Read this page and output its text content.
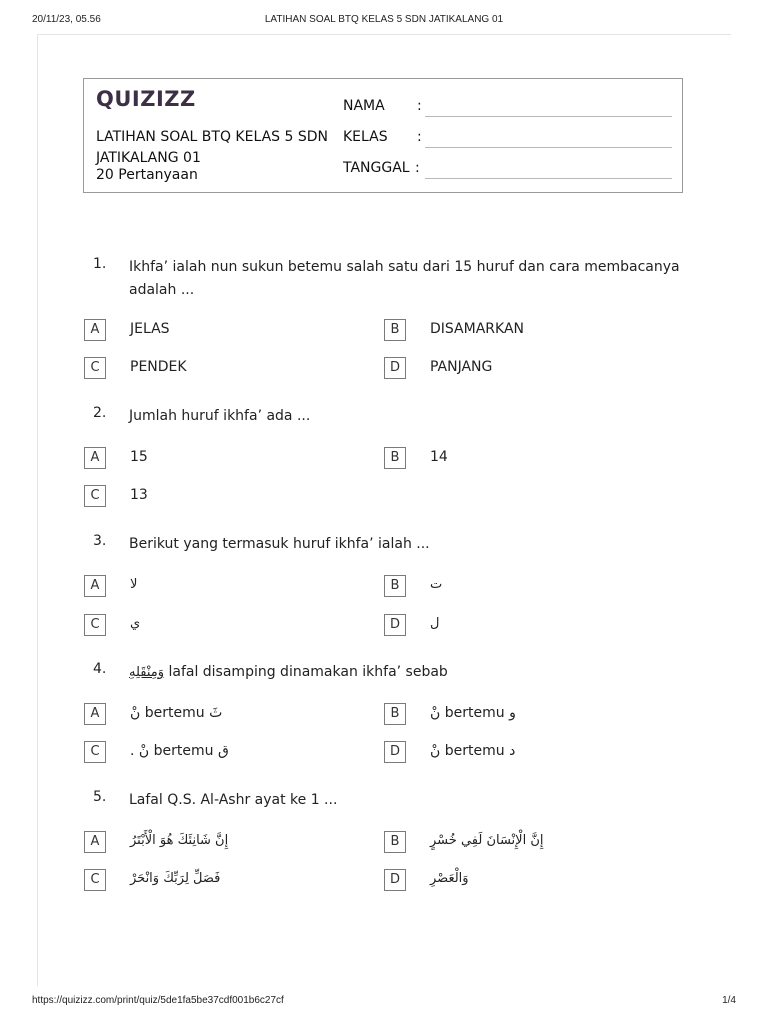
20/11/23, 05.56	LATIHAN SOAL BTQ KELAS 5 SDN JATIKALANG 01
QUIZIZZ
LATIHAN SOAL BTQ KELAS 5 SDN JATIKALANG 01
20 Pertanyaan
NAMA :
KELAS :
TANGGAL :
1. Ikhfa’ ialah nun sukun betemu salah satu dari 15 huruf dan cara membacanya adalah ...
A	JELAS	B	DISAMARKAN
C	PENDEK	D	PANJANG
2. Jumlah huruf ikhfa’ ada ...
A	15	B	14
C	13
3. Berikut yang termasuk huruf ikhfa’ ialah ...
A	لا	B	ت
C	ي	D	ل
4. وَمِنْقَلِهِ lafal disamping dinamakan ikhfa’ sebab
A	نْ bertemu ثَ	B	نْ bertemu و
C	. نْ bertemu ق	D	نْ bertemu د
5. Lafal Q.S. Al-Ashr ayat ke 1 ...
A	إِنَّ شَانِئَكَ هُوَ الْأَبْتَرُ	B	إِنَّ الْإِنْسَانَ لَفِي خُسْرٍ
C	فَصَلِّ لِرَبِّكَ وَانْحَرْ	D	وَالْعَصْرِ
https://quizizz.com/print/quiz/5de1fa5be37cdf001b6c27cf	1/4
